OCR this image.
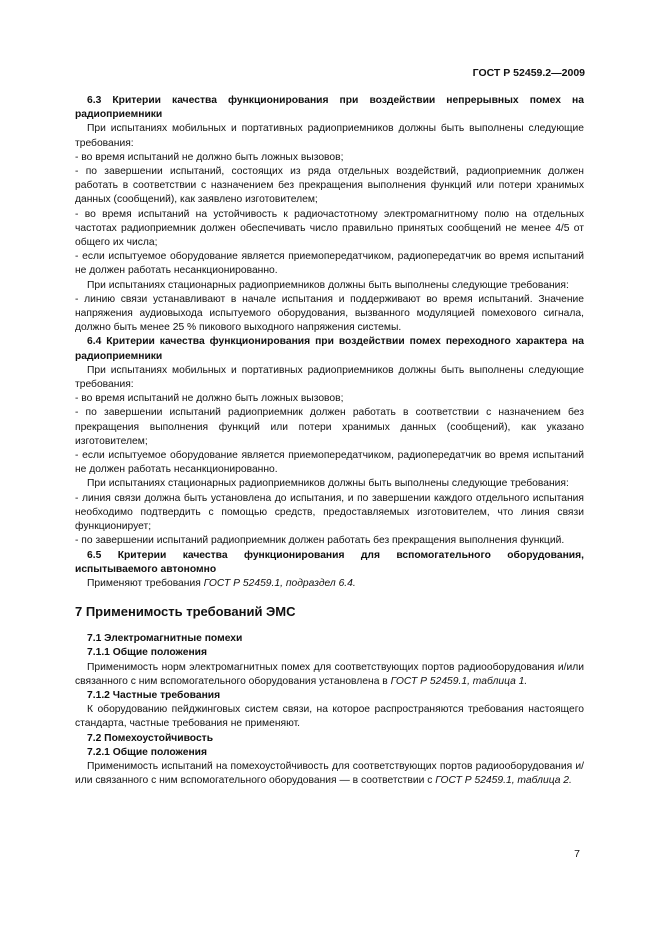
ГОСТ Р 52459.2—2009

6.3 Критерии качества функционирования при воздействии непрерывных помех на радиоприемники

При испытаниях мобильных и портативных радиоприемников должны быть выполнены следующие требования:

- во время испытаний не должно быть ложных вызовов;

- по завершении испытаний, состоящих из ряда отдельных воздействий, радиоприемник должен работать в соответствии с назначением без прекращения выполнения функций или потери хранимых данных (сообщений), как заявлено изготовителем;

- во время испытаний на устойчивость к радиочастотному электромагнитному полю на отдельных частотах радиоприемник должен обеспечивать число правильно принятых сообщений не менее 4/5 от общего их числа;

- если испытуемое оборудование является приемопередатчиком, радиопередатчик во время испытаний не должен работать несанкционированно.

При испытаниях стационарных радиоприемников должны быть выполнены следующие требования:

- линию связи устанавливают в начале испытания и поддерживают во время испытаний. Значение напряжения аудиовыхода испытуемого оборудования, вызванного модуляцией помехового сигнала, должно быть менее 25 % пикового выходного напряжения системы.

6.4 Критерии качества функционирования при воздействии помех переходного характера на радиоприемники

При испытаниях мобильных и портативных радиоприемников должны быть выполнены следующие требования:

- во время испытаний не должно быть ложных вызовов;

- по завершении испытаний радиоприемник должен работать в соответствии с назначением без прекращения выполнения функций или потери хранимых данных (сообщений), как указано изготовителем;

- если испытуемое оборудование является приемопередатчиком, радиопередатчик во время испытаний не должен работать несанкционированно.

При испытаниях стационарных радиоприемников должны быть выполнены следующие требования:

- линия связи должна быть установлена до испытания, и по завершении каждого отдельного испытания необходимо подтвердить с помощью средств, предоставляемых изготовителем, что линия связи функционирует;

- по завершении испытаний радиоприемник должен работать без прекращения выполнения функций.

6.5 Критерии качества функционирования для вспомогательного оборудования, испытываемого автономно

Применяют требования ГОСТ Р 52459.1, подраздел 6.4.

7 Применимость требований ЭМС

7.1 Электромагнитные помехи

7.1.1 Общие положения

Применимость норм электромагнитных помех для соответствующих портов радиооборудования и/или связанного с ним вспомогательного оборудования установлена в ГОСТ Р 52459.1, таблица 1.

7.1.2 Частные требования

К оборудованию пейджинговых систем связи, на которое распространяются требования настоящего стандарта, частные требования не применяют.

7.2 Помехоустойчивость

7.2.1 Общие положения

Применимость испытаний на помехоустойчивость для соответствующих портов радиооборудования и/или связанного с ним вспомогательного оборудования — в соответствии с ГОСТ Р 52459.1, таблица 2.

7
